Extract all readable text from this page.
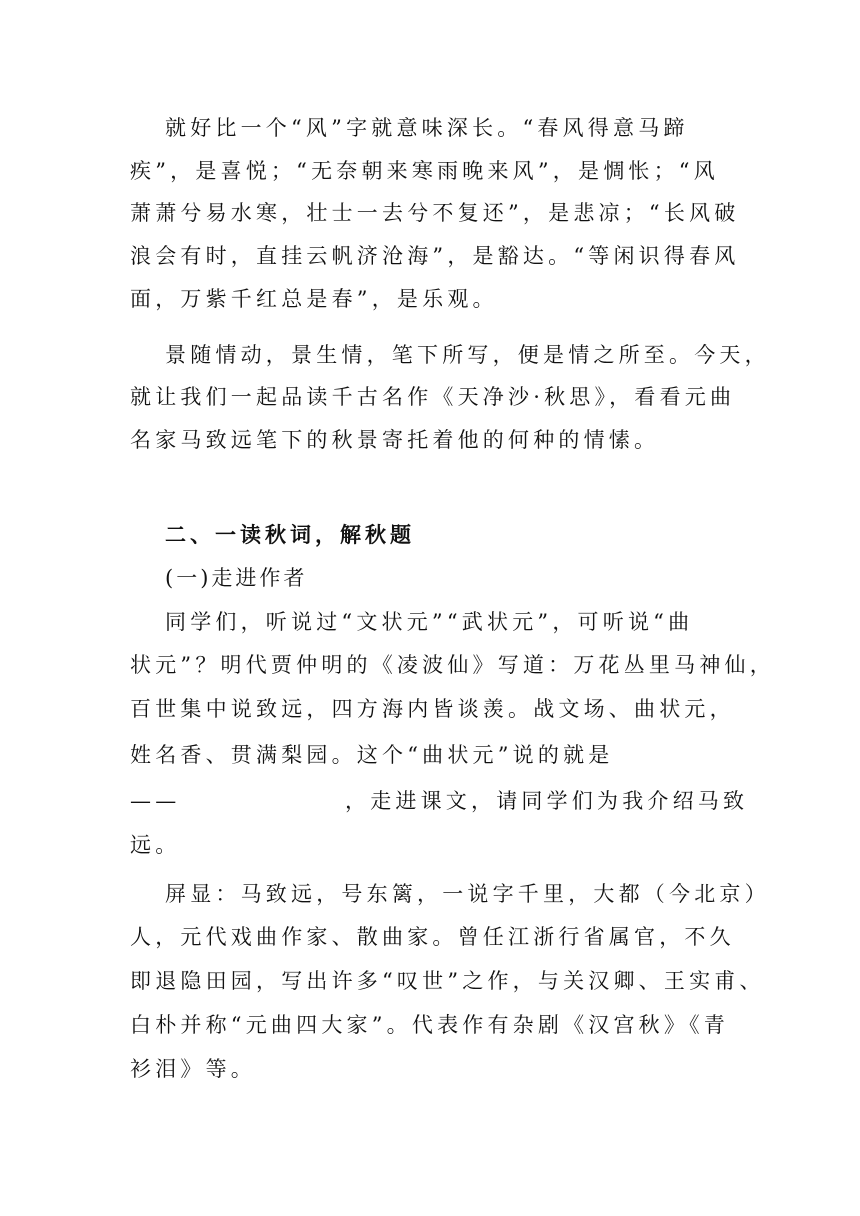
就好比一个“风”字就意味深长。“春风得意马蹄
疾”，是喜悦；“无奈朝来寒雨晚来风”，是惆怅；“风
萧萧兮易水寒，壮士一去兮不复还”，是悲凉；“长风破
浪会有时，直挂云帆济沧海”，是豁达。“等闲识得春风
面，万紫千红总是春”，是乐观。
景随情动，景生情，笔下所写，便是情之所至。今天，
就让我们一起品读千古名作《天净沙·秋思》，看看元曲
名家马致远笔下的秋景寄托着他的何种的情愫。
二、一读秋词，解秋题
(一)走进作者
同学们，听说过“文状元”“武状元”，可听说“曲
状元”？明代贾仲明的《凌波仙》写道：万花丛里马神仙，
百世集中说致远，四方海内皆谈羡。战文场、曲状元，
姓名香、贯满梨园。这个“曲状元”说的就是
——	，走进课文，请同学们为我介绍马致
远。
屏显：马致远，号东篱，一说字千里，大都（今北京）
人，元代戏曲作家、散曲家。曾任江浙行省属官，不久
即退隐田园，写出许多“叹世”之作，与关汉卿、王实甫、
白朴并称“元曲四大家”。代表作有杂剧《汉宫秋》《青
衫泪》等。
